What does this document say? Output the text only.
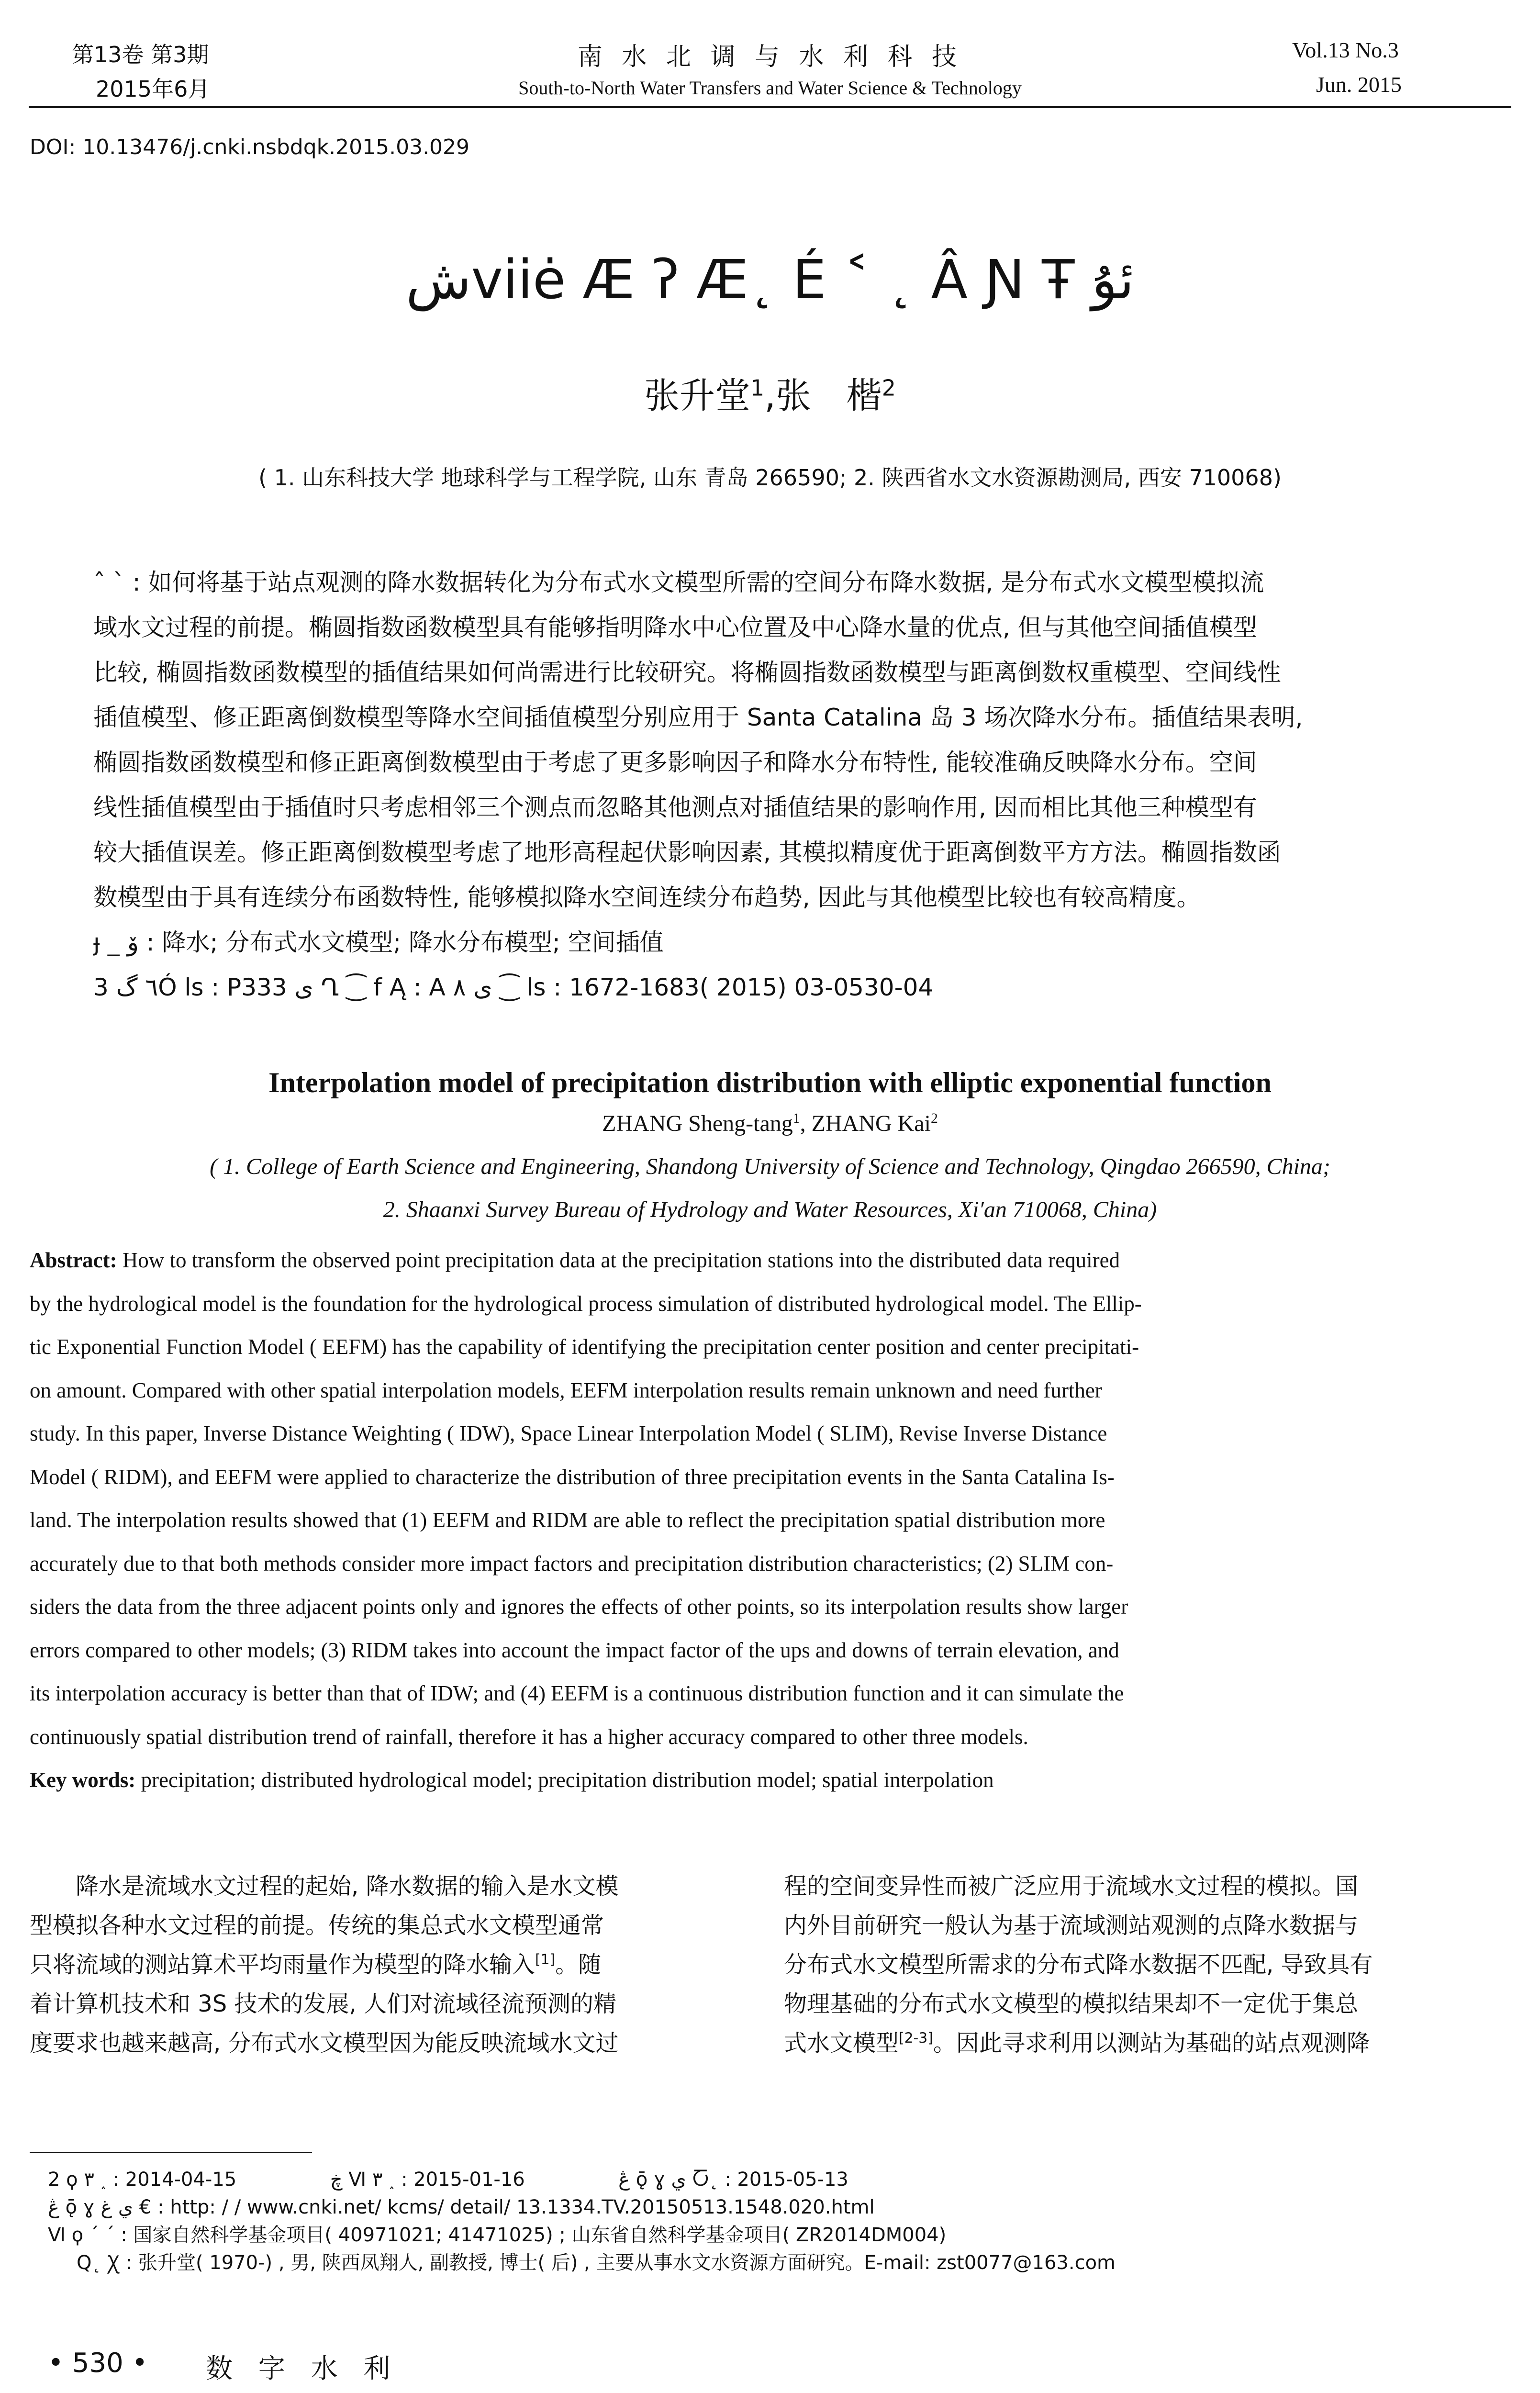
第13卷 第3期
2015年6月
南 水 北 调 与 水 利 科 技
South-to-North Water Transfers and Water Science & Technology
Vol.13 No.3
Jun. 2015
DOI: 10.13476/j.cnki.nsbdqk.2015.03.029
شviiė Æ ʔ Æ˛ É ˂ ˛ Â Ɲ Ŧ ئۇ
张升堂$^1$,张　楷$^2$
( 1. 山东科技大学 地球科学与工程学院, 山东 青岛 266590; 2. 陕西省水文水资源勘测局, 西安 710068)
ˆ ˋ : 如何将基于站点观测的降水数据转化为分布式水文模型所需的空间分布降水数据, 是分布式水文模型模拟流
域水文过程的前提。椭圆指数函数模型具有能够指明降水中心位置及中心降水量的优点, 但与其他空间插值模型
比较, 椭圆指数函数模型的插值结果如何尚需进行比较研究。将椭圆指数函数模型与距离倒数权重模型、空间线性
插值模型、修正距离倒数模型等降水空间插值模型分别应用于 Santa Catalina 岛 3 场次降水分布。插值结果表明,
椭圆指数函数模型和修正距离倒数模型由于考虑了更多影响因子和降水分布特性, 能较准确反映降水分布。空间
线性插值模型由于插值时只考虑相邻三个测点而忽略其他测点对插值结果的影响作用, 因而相比其他三种模型有
较大插值误差。修正距离倒数模型考虑了地形高程起伏影响因素, 其模拟精度优于距离倒数平方方法。椭圆指数函
数模型由于具有连续分布函数特性, 能够模拟降水空间连续分布趋势, 因此与其他模型比较也有较高精度。
ɟ _ ۆ : 降水; 分布式水文模型; 降水分布模型; 空间插值
3 ٦ گÓ ls : P333 ى Ղ ⁐ f Ą : A ى ۸ ⁐ ls : 1672-1683( 2015) 03-0530-04
Interpolation model of precipitation distribution with elliptic exponential function
ZHANG Sheng-tang$^1$, ZHANG Kai$^2$
( 1. College of Earth Science and Engineering, Shandong University of Science and Technology, Qingdao 266590, China;
2. Shaanxi Survey Bureau of Hydrology and Water Resources, Xi′an 710068, China)
Abstract: How to transform the observed point precipitation data at the precipitation stations into the distributed data required
by the hydrological model is the foundation for the hydrological process simulation of distributed hydrological model. The Ellip-
tic Exponential Function Model ( EEFM) has the capability of identifying the precipitation center position and center precipitati-
on amount. Compared with other spatial interpolation models, EEFM interpolation results remain unknown and need further
study. In this paper, Inverse Distance Weighting ( IDW), Space Linear Interpolation Model ( SLIM), Revise Inverse Distance
Model ( RIDM), and EEFM were applied to characterize the distribution of three precipitation events in the Santa Catalina Is-
land. The interpolation results showed that (1) EEFM and RIDM are able to reflect the precipitation spatial distribution more
accurately due to that both methods consider more impact factors and precipitation distribution characteristics; (2) SLIM con-
siders the data from the three adjacent points only and ignores the effects of other points, so its interpolation results show larger
errors compared to other models; (3) RIDM takes into account the impact factor of the ups and downs of terrain elevation, and
its interpolation accuracy is better than that of IDW; and (4) EEFM is a continuous distribution function and it can simulate the
continuously spatial distribution trend of rainfall, therefore it has a higher accuracy compared to other three models.
Key words: precipitation; distributed hydrological model; precipitation distribution model; spatial interpolation
降水是流域水文过程的起始, 降水数据的输入是水文模
型模拟各种水文过程的前提。传统的集总式水文模型通常
只将流域的测站算术平均雨量作为模型的降水输入[1]。随
着计算机技术和 3S 技术的发展, 人们对流域径流预测的精
度要求也越来越高, 分布式水文模型因为能反映流域水文过
程的空间变异性而被广泛应用于流域水文过程的模拟。国
内外目前研究一般认为基于流域测站观测的点降水数据与
分布式水文模型所需求的分布式降水数据不匹配, 导致具有
物理基础的分布式水文模型的模拟结果却不一定优于集总
式水文模型[2-3]。因此寻求利用以测站为基础的站点观测降
2 ϙ ٣ ˰ : 2014-04-15	ڿ Ⅵ ٣ ˰ : 2015-01-16	ڠ ǭ ɣ ي Ⴀ˛ : 2015-05-13
ڠ ǭ ɣ ي غ € : http: / / www.cnki.net/ kcms/ detail/ 13.1334.TV.20150513.1548.020.html
Ⅵ ϙ ˊ ˊ : 国家自然科学基金项目( 40971021; 41471025) ; 山东省自然科学基金项目( ZR2014DM004)
Q˛ Ꭓ : 张升堂( 1970-) , 男, 陕西凤翔人, 副教授, 博士( 后) , 主要从事水文水资源方面研究。E-mail: zst0077@163.com
• 530 • 数 字 水 利
